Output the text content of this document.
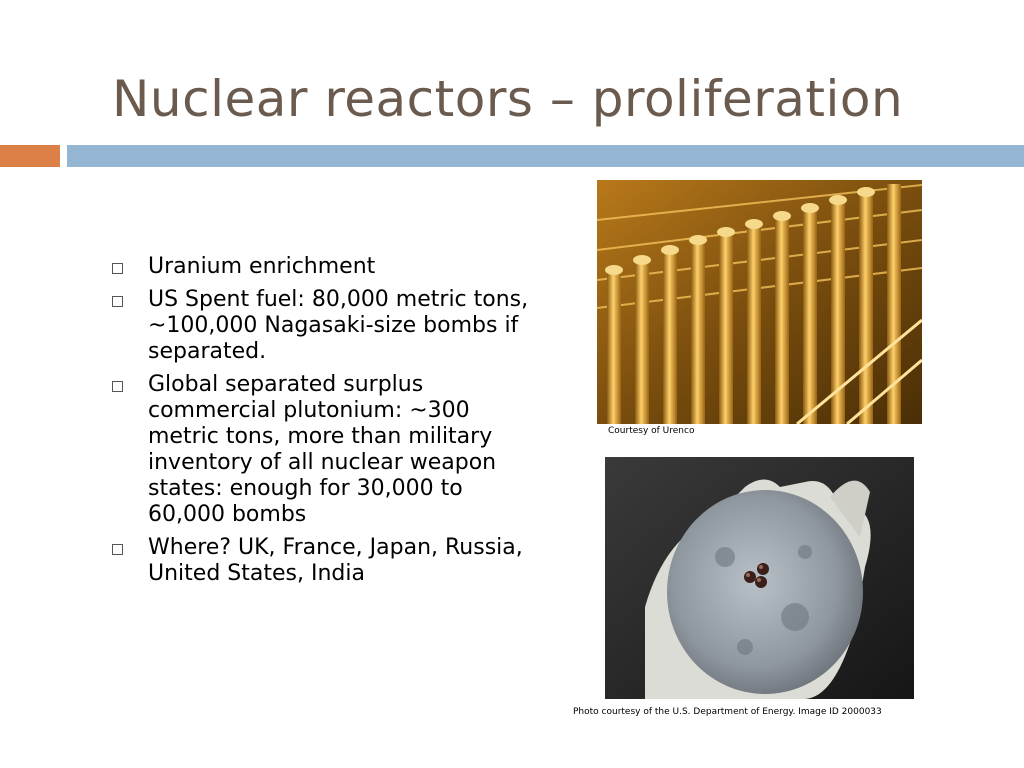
Nuclear reactors – proliferation
Uranium enrichment
US Spent fuel: 80,000 metric tons, ~100,000 Nagasaki-size bombs if separated.
Global separated surplus commercial plutonium: ~300 metric tons, more than military inventory of all nuclear weapon states: enough for 30,000 to 60,000 bombs
Where? UK, France, Japan, Russia, United States, India
Courtesy of Urenco
Photo courtesy of the U.S. Department of Energy. Image ID 2000033
